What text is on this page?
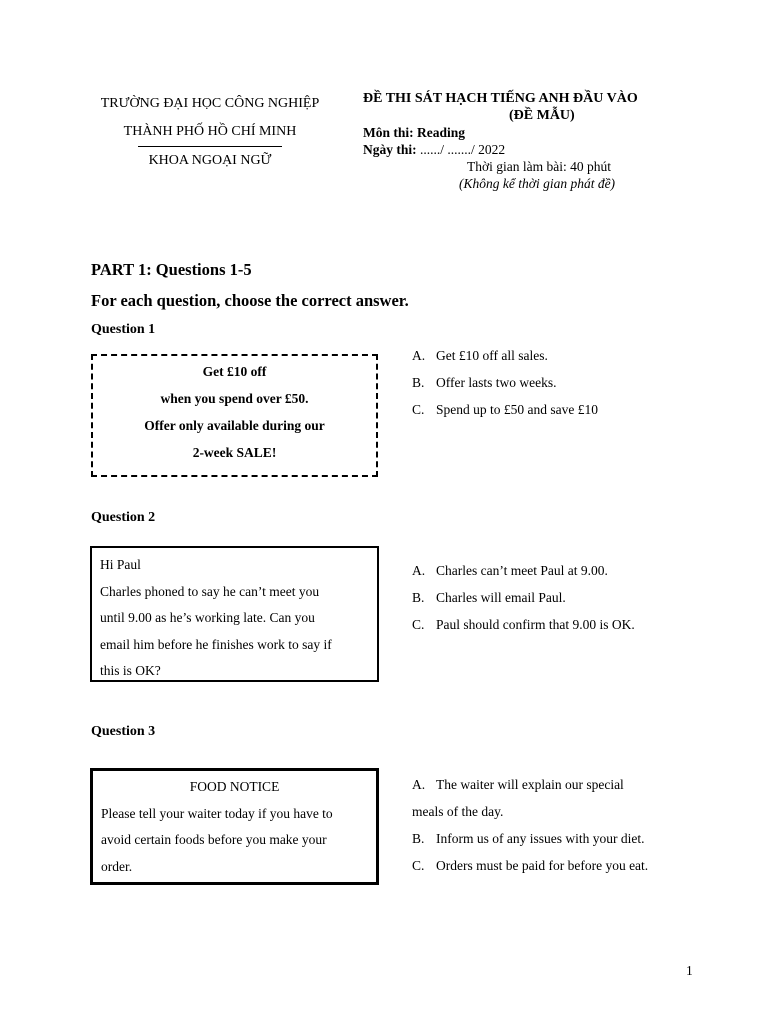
TRƯỜNG ĐẠI HỌC CÔNG NGHIỆP
THÀNH PHỐ HỒ CHÍ MINH
KHOA NGOẠI NGỮ
ĐỀ THI SÁT HẠCH TIẾNG ANH ĐẦU VÀO
(ĐỀ MẪU)
Môn thi: Reading
Ngày thi: ....../ ......./ 2022
Thời gian làm bài: 40 phút
(Không kể thời gian phát đề)
PART 1: Questions 1-5
For each question, choose the correct answer.
Question 1
Get £10 off
when you spend over £50.
Offer only available during our
2-week SALE!
A. Get £10 off all sales.
B. Offer lasts two weeks.
C. Spend up to £50 and save £10
Question 2
Hi Paul
Charles phoned to say he can’t meet you
until 9.00 as he’s working late. Can you
email him before he finishes work to say if
this is OK?
A. Charles can’t meet Paul at 9.00.
B. Charles will email Paul.
C. Paul should confirm that 9.00 is OK.
Question 3
FOOD NOTICE
Please tell your waiter today if you have to
avoid certain foods before you make your
order.
A. The waiter will explain our special
meals of the day.
B. Inform us of any issues with your diet.
C. Orders must be paid for before you eat.
1
